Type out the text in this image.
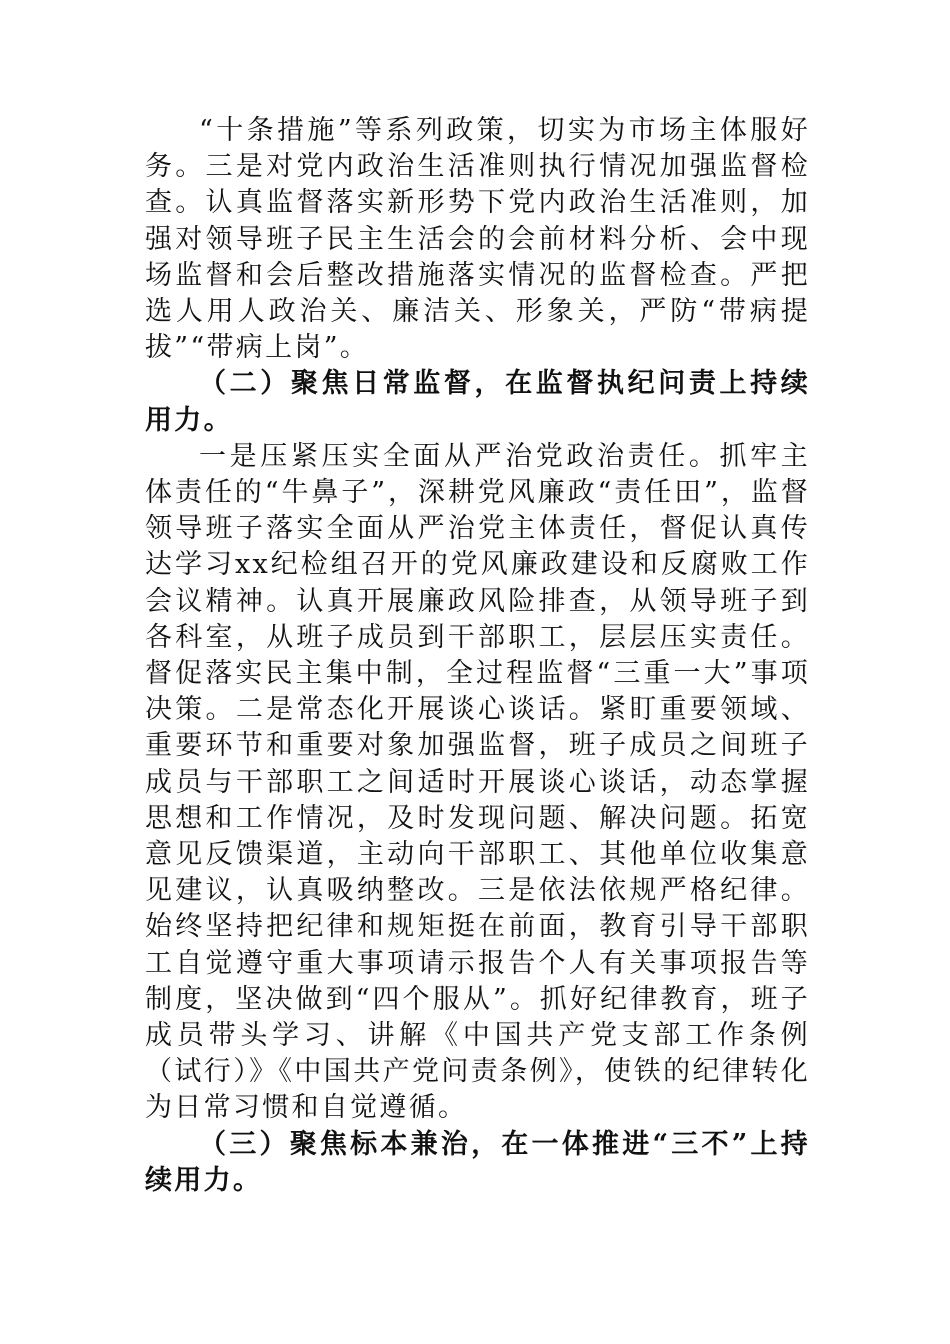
“十条措施”等系列政策，切实为市场主体服好务。三是对党内政治生活准则执行情况加强监督检查。认真监督落实新形势下党内政治生活准则，加强对领导班子民主生活会的会前材料分析、会中现场监督和会后整改措施落实情况的监督检查。严把选人用人政治关、廉洁关、形象关，严防“带病提拔”“带病上岗”。

（二）聚焦日常监督，在监督执纪问责上持续用力。

一是压紧压实全面从严治党政治责任。抓牢主体责任的“牛鼻子”，深耕党风廉政“责任田”，监督领导班子落实全面从严治党主体责任，督促认真传达学习xx纪检组召开的党风廉政建设和反腐败工作会议精神。认真开展廉政风险排查，从领导班子到各科室，从班子成员到干部职工，层层压实责任。督促落实民主集中制，全过程监督“三重一大”事项决策。二是常态化开展谈心谈话。紧盯重要领域、重要环节和重要对象加强监督，班子成员之间班子成员与干部职工之间适时开展谈心谈话，动态掌握思想和工作情况，及时发现问题、解决问题。拓宽意见反馈渠道，主动向干部职工、其他单位收集意见建议，认真吸纳整改。三是依法依规严格纪律。始终坚持把纪律和规矩挺在前面，教育引导干部职工自觉遵守重大事项请示报告个人有关事项报告等制度，坚决做到“四个服从”。抓好纪律教育，班子成员带头学习、讲解《中国共产党支部工作条例（试行）》《中国共产党问责条例》，使铁的纪律转化为日常习惯和自觉遵循。

（三）聚焦标本兼治，在一体推进“三不”上持续用力。
